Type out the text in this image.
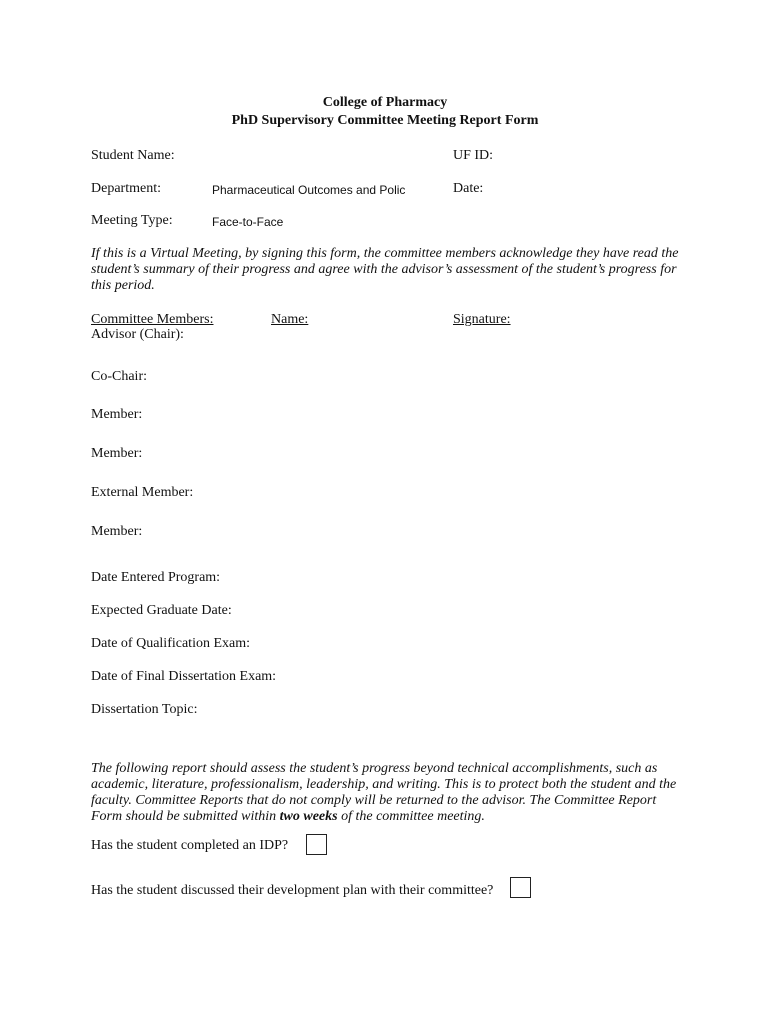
College of Pharmacy
PhD Supervisory Committee Meeting Report Form
Student Name:	UF ID:
Department:	Pharmaceutical Outcomes and Polic	Date:
Meeting Type:	Face-to-Face
If this is a Virtual Meeting, by signing this form, the committee members acknowledge they have read the
student’s summary of their progress and agree with the advisor’s assessment of the student’s progress for
this period.
Committee Members:	Name:	Signature:
Advisor (Chair):
Co-Chair:
Member:
Member:
External Member:
Member:
Date Entered Program:
Expected Graduate Date:
Date of Qualification Exam:
Date of Final Dissertation Exam:
Dissertation Topic:
The following report should assess the student’s progress beyond technical accomplishments, such as
academic, literature, professionalism, leadership, and writing. This is to protect both the student and the
faculty. Committee Reports that do not comply will be returned to the advisor. The Committee Report
Form should be submitted within two weeks of the committee meeting.
Has the student completed an IDP?
Has the student discussed their development plan with their committee?
